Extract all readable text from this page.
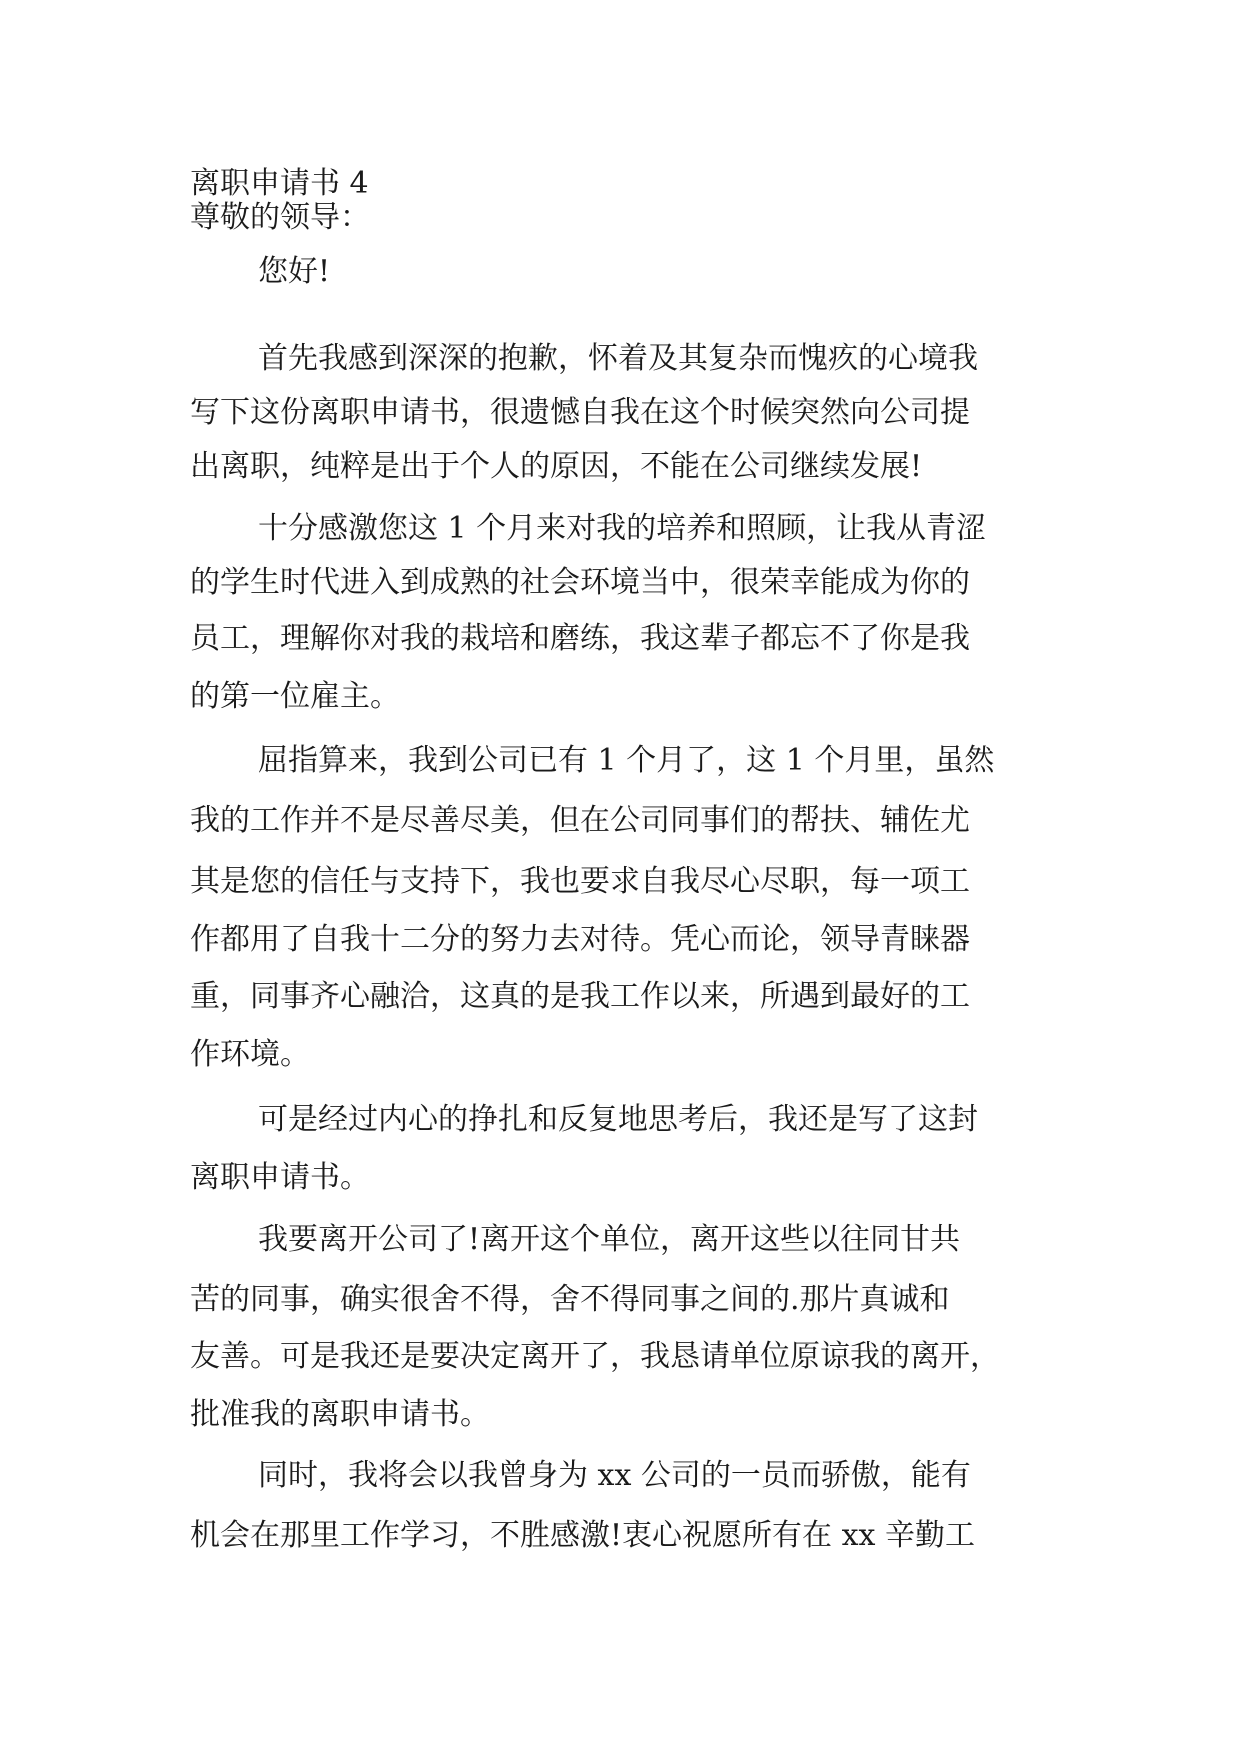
离职申请书 4
尊敬的领导：
您好!
首先我感到深深的抱歉，怀着及其复杂而愧疚的心境我
写下这份离职申请书，很遗憾自我在这个时候突然向公司提
出离职，纯粹是出于个人的原因，不能在公司继续发展!
十分感激您这 1 个月来对我的培养和照顾，让我从青涩
的学生时代进入到成熟的社会环境当中，很荣幸能成为你的
员工，理解你对我的栽培和磨练，我这辈子都忘不了你是我
的第一位雇主。
屈指算来，我到公司已有 1 个月了，这 1 个月里，虽然
我的工作并不是尽善尽美，但在公司同事们的帮扶、辅佐尤
其是您的信任与支持下，我也要求自我尽心尽职，每一项工
作都用了自我十二分的努力去对待。凭心而论，领导青睐器
重，同事齐心融洽，这真的是我工作以来，所遇到最好的工
作环境。
可是经过内心的挣扎和反复地思考后，我还是写了这封
离职申请书。
我要离开公司了!离开这个单位，离开这些以往同甘共
苦的同事，确实很舍不得，舍不得同事之间的.那片真诚和
友善。可是我还是要决定离开了，我恳请单位原谅我的离开，
批准我的离职申请书。
同时，我将会以我曾身为 xx 公司的一员而骄傲，能有
机会在那里工作学习，不胜感激!衷心祝愿所有在 xx 辛勤工
